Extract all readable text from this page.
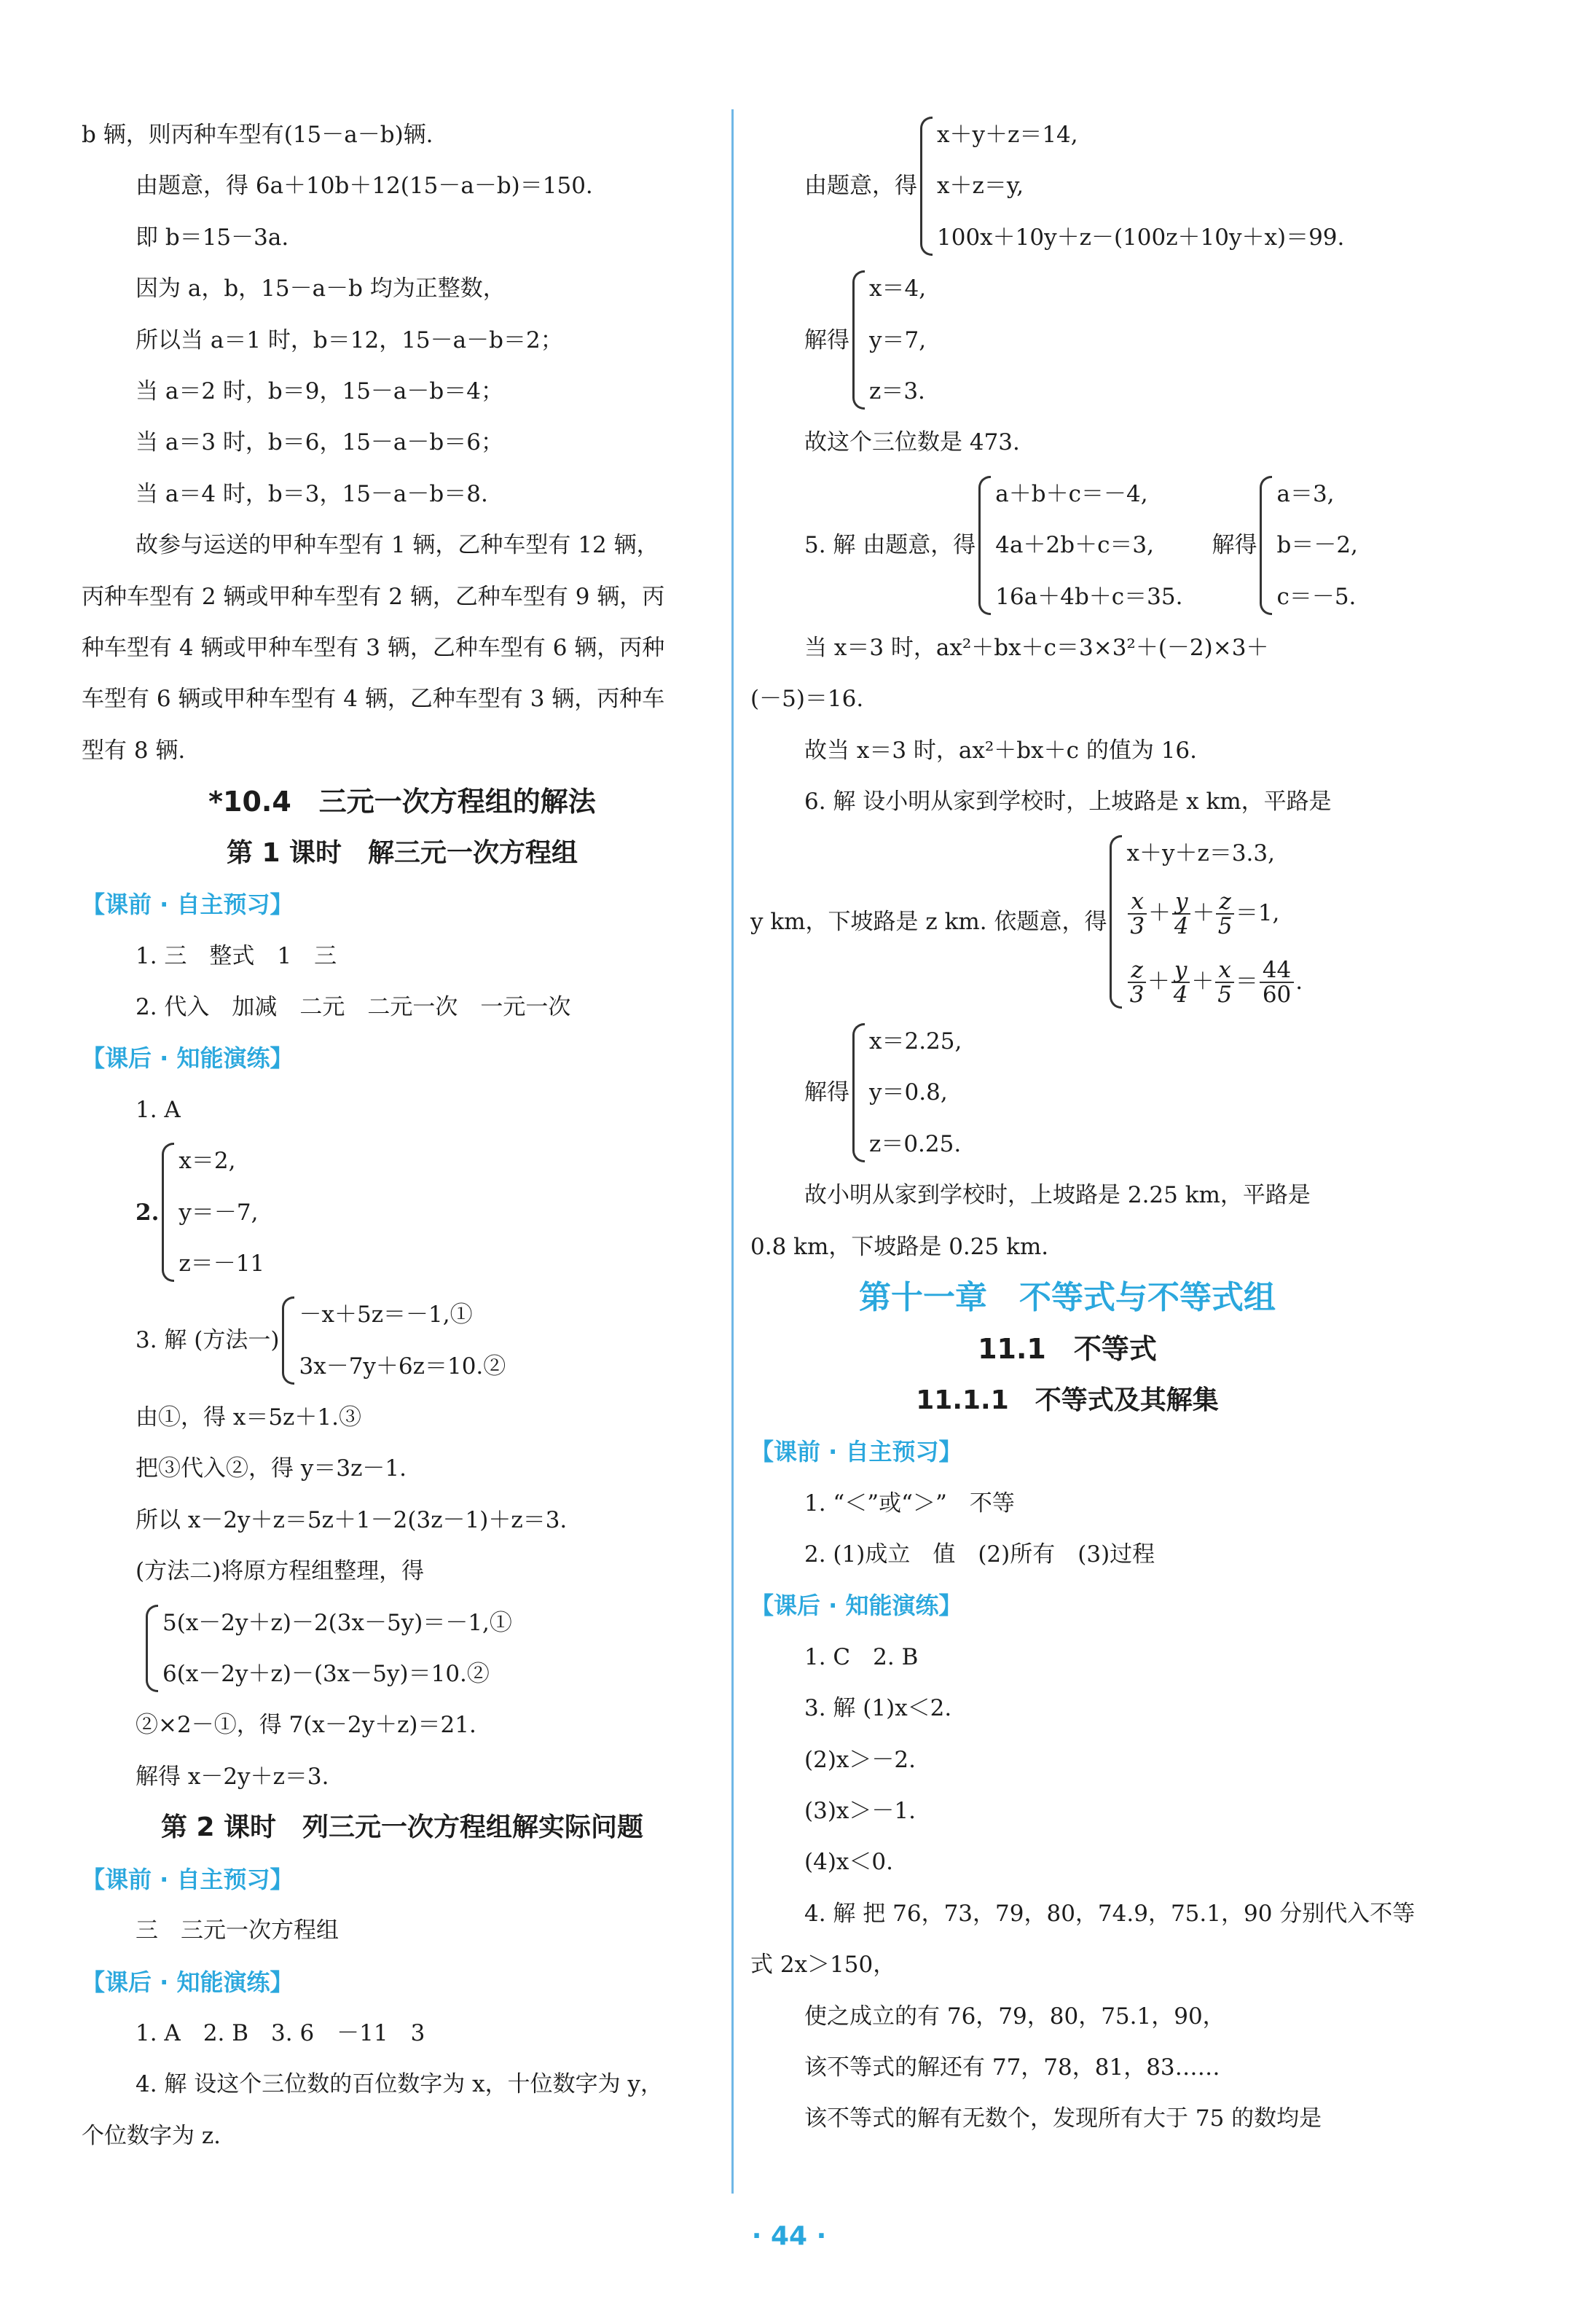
b 辆，则丙种车型有(15－a－b)辆.
由题意，得 6a＋10b＋12(15－a－b)＝150.
即 b＝15－3a.
因为 a，b，15－a－b 均为正整数，
所以当 a＝1 时，b＝12，15－a－b＝2；
当 a＝2 时，b＝9，15－a－b＝4；
当 a＝3 时，b＝6，15－a－b＝6；
当 a＝4 时，b＝3，15－a－b＝8.
故参与运送的甲种车型有 1 辆，乙种车型有 12 辆，
丙种车型有 2 辆或甲种车型有 2 辆，乙种车型有 9 辆，丙
种车型有 4 辆或甲种车型有 3 辆，乙种车型有 6 辆，丙种
车型有 6 辆或甲种车型有 4 辆，乙种车型有 3 辆，丙种车
型有 8 辆.
*10.4　三元一次方程组的解法
第 1 课时　解三元一次方程组
【课前 · 自主预习】
1. 三　整式　1　三
2. 代入　加减　二元　二元一次　一元一次
【课后 · 知能演练】
1. A
2.
x＝2,
y＝－7,
z＝－11
3. 解 (方法一)
－x＋5z＝－1,①
3x－7y＋6z＝10.②
由①，得 x＝5z＋1.③
把③代入②，得 y＝3z－1.
所以 x－2y＋z＝5z＋1－2(3z－1)＋z＝3.
(方法二)将原方程组整理，得
5(x－2y＋z)－2(3x－5y)＝－1,①
6(x－2y＋z)－(3x－5y)＝10.②
②×2－①，得 7(x－2y＋z)＝21.
解得 x－2y＋z＝3.
第 2 课时　列三元一次方程组解实际问题
【课前 · 自主预习】
三　三元一次方程组
【课后 · 知能演练】
1. A　2. B　3. 6　－11　3
4. 解 设这个三位数的百位数字为 x，十位数字为 y，
个位数字为 z.
由题意，得
x＋y＋z＝14,
x＋z＝y,
100x＋10y＋z－(100z＋10y＋x)＝99.
解得
x＝4,
y＝7,
z＝3.
故这个三位数是 473.
5. 解 由题意，得
a＋b＋c＝－4,
4a＋2b＋c＝3,
16a＋4b＋c＝35.
解得
a＝3,
b＝－2,
c＝－5.
当 x＝3 时，ax²＋bx＋c＝3×3²＋(－2)×3＋
(－5)＝16.
故当 x＝3 时，ax²＋bx＋c 的值为 16.
6. 解 设小明从家到学校时，上坡路是 x km，平路是
y km，下坡路是 z km. 依题意，得
x＋y＋z＝3.3,
$\frac{x}{3} + \frac{y}{4} + \frac{z}{5} =1$,
$\frac{z}{3} + \frac{y}{4} + \frac{x}{5} = \frac{44}{60}$ .
解得
x＝2.25,
y＝0.8,
z＝0.25.
故小明从家到学校时，上坡路是 2.25 km，平路是
0.8 km，下坡路是 0.25 km.
第十一章　不等式与不等式组
11.1　不等式
11.1.1　不等式及其解集
【课前 · 自主预习】
1. “＜”或“＞”　不等
2. (1)成立　值　(2)所有　(3)过程
【课后 · 知能演练】
1. C　2. B
3. 解 (1)x＜2.
(2)x＞－2.
(3)x＞－1.
(4)x＜0.
4. 解 把 76，73，79，80，74.9，75.1，90 分别代入不等
式 2x＞150，
使之成立的有 76，79，80，75.1，90，
该不等式的解还有 77，78，81，83……
该不等式的解有无数个，发现所有大于 75 的数均是
· 44 ·
